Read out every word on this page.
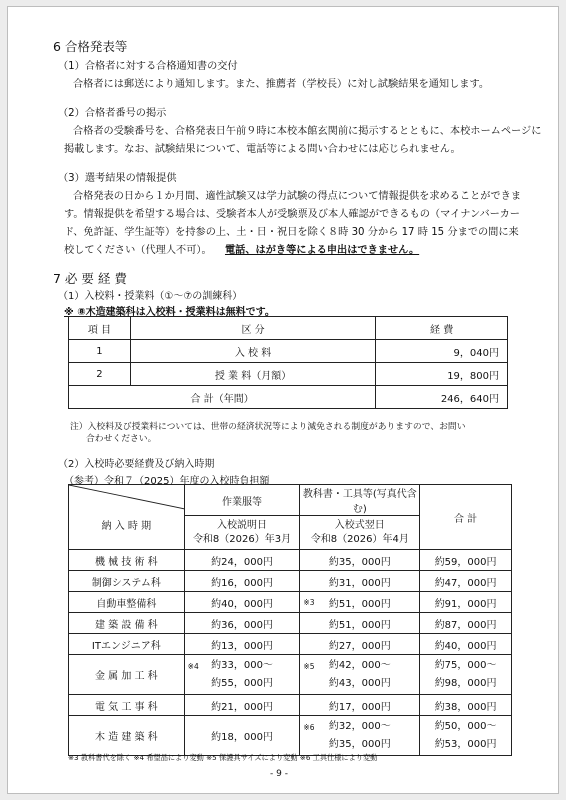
6 合格発表等
（1）合格者に対する合格通知書の交付
合格者には郵送により通知します。また、推薦者（学校長）に対し試験結果を通知します。
（2）合格者番号の掲示
合格者の受験番号を、合格発表日午前９時に本校本館玄関前に掲示するとともに、本校ホームページに
掲載します。なお、試験結果について、電話等による問い合わせには応じられません。
（3）選考結果の情報提供
合格発表の日から１か月間、適性試験又は学力試験の得点について情報提供を求めることができま
す。情報提供を希望する場合は、受験者本人が受験票及び本人確認ができるもの（マイナンバーカー
ド、免許証、学生証等）を持参の上、土・日・祝日を除く８時 30 分から 17 時 15 分までの間に来
校してください（代理人不可）。 電話、はがき等による申出はできません。
7 必 要 経 費
（1）入校料・授業料（①～⑦の訓練科）
※ ⑧木造建築科は入校料・授業料は無料です。
項 目	区 分	経 費
1	入 校 料	9，040円
2	授 業 料（月額）	19，800円
合 計（年間）		246，640円
注）入校料及び授業料については、世帯の経済状況等により減免される制度がありますので、お問い
合わせください。
（2）入校時必要経費及び納入時期
（参考）令和７（2025）年度の入校時負担額
納 入 時 期	作業服等	教科書・工具等(写真代含む)	合 計
	入校説明日
令和8（2026）年3月	入校式翌日
令和8（2026）年4月	
機 械 技 術 科	約24，000円	約35，000円	約59，000円
制御システム科	約16，000円	約31，000円	約47，000円
自動車整備科	約40，000円	※3 約51，000円	約91，000円
建 築 設 備 科	約36，000円	約51，000円	約87，000円
ITエンジニア科	約13，000円	約27，000円	約40，000円
金 属 加 工 科	※4 約33，000～
約55，000円	※5 約42，000～
約43，000円	約75，000～
約98，000円
電 気 工 事 科	約21，000円	約17，000円	約38，000円
木 造 建 築 科	約18，000円	※6 約32，000～
約35，000円	約50，000～
約53，000円
※3 教科書代を除く ※4 希望品により変動 ※5 保護具サイズにより変動 ※6 工具仕様により変動
- 9 -
